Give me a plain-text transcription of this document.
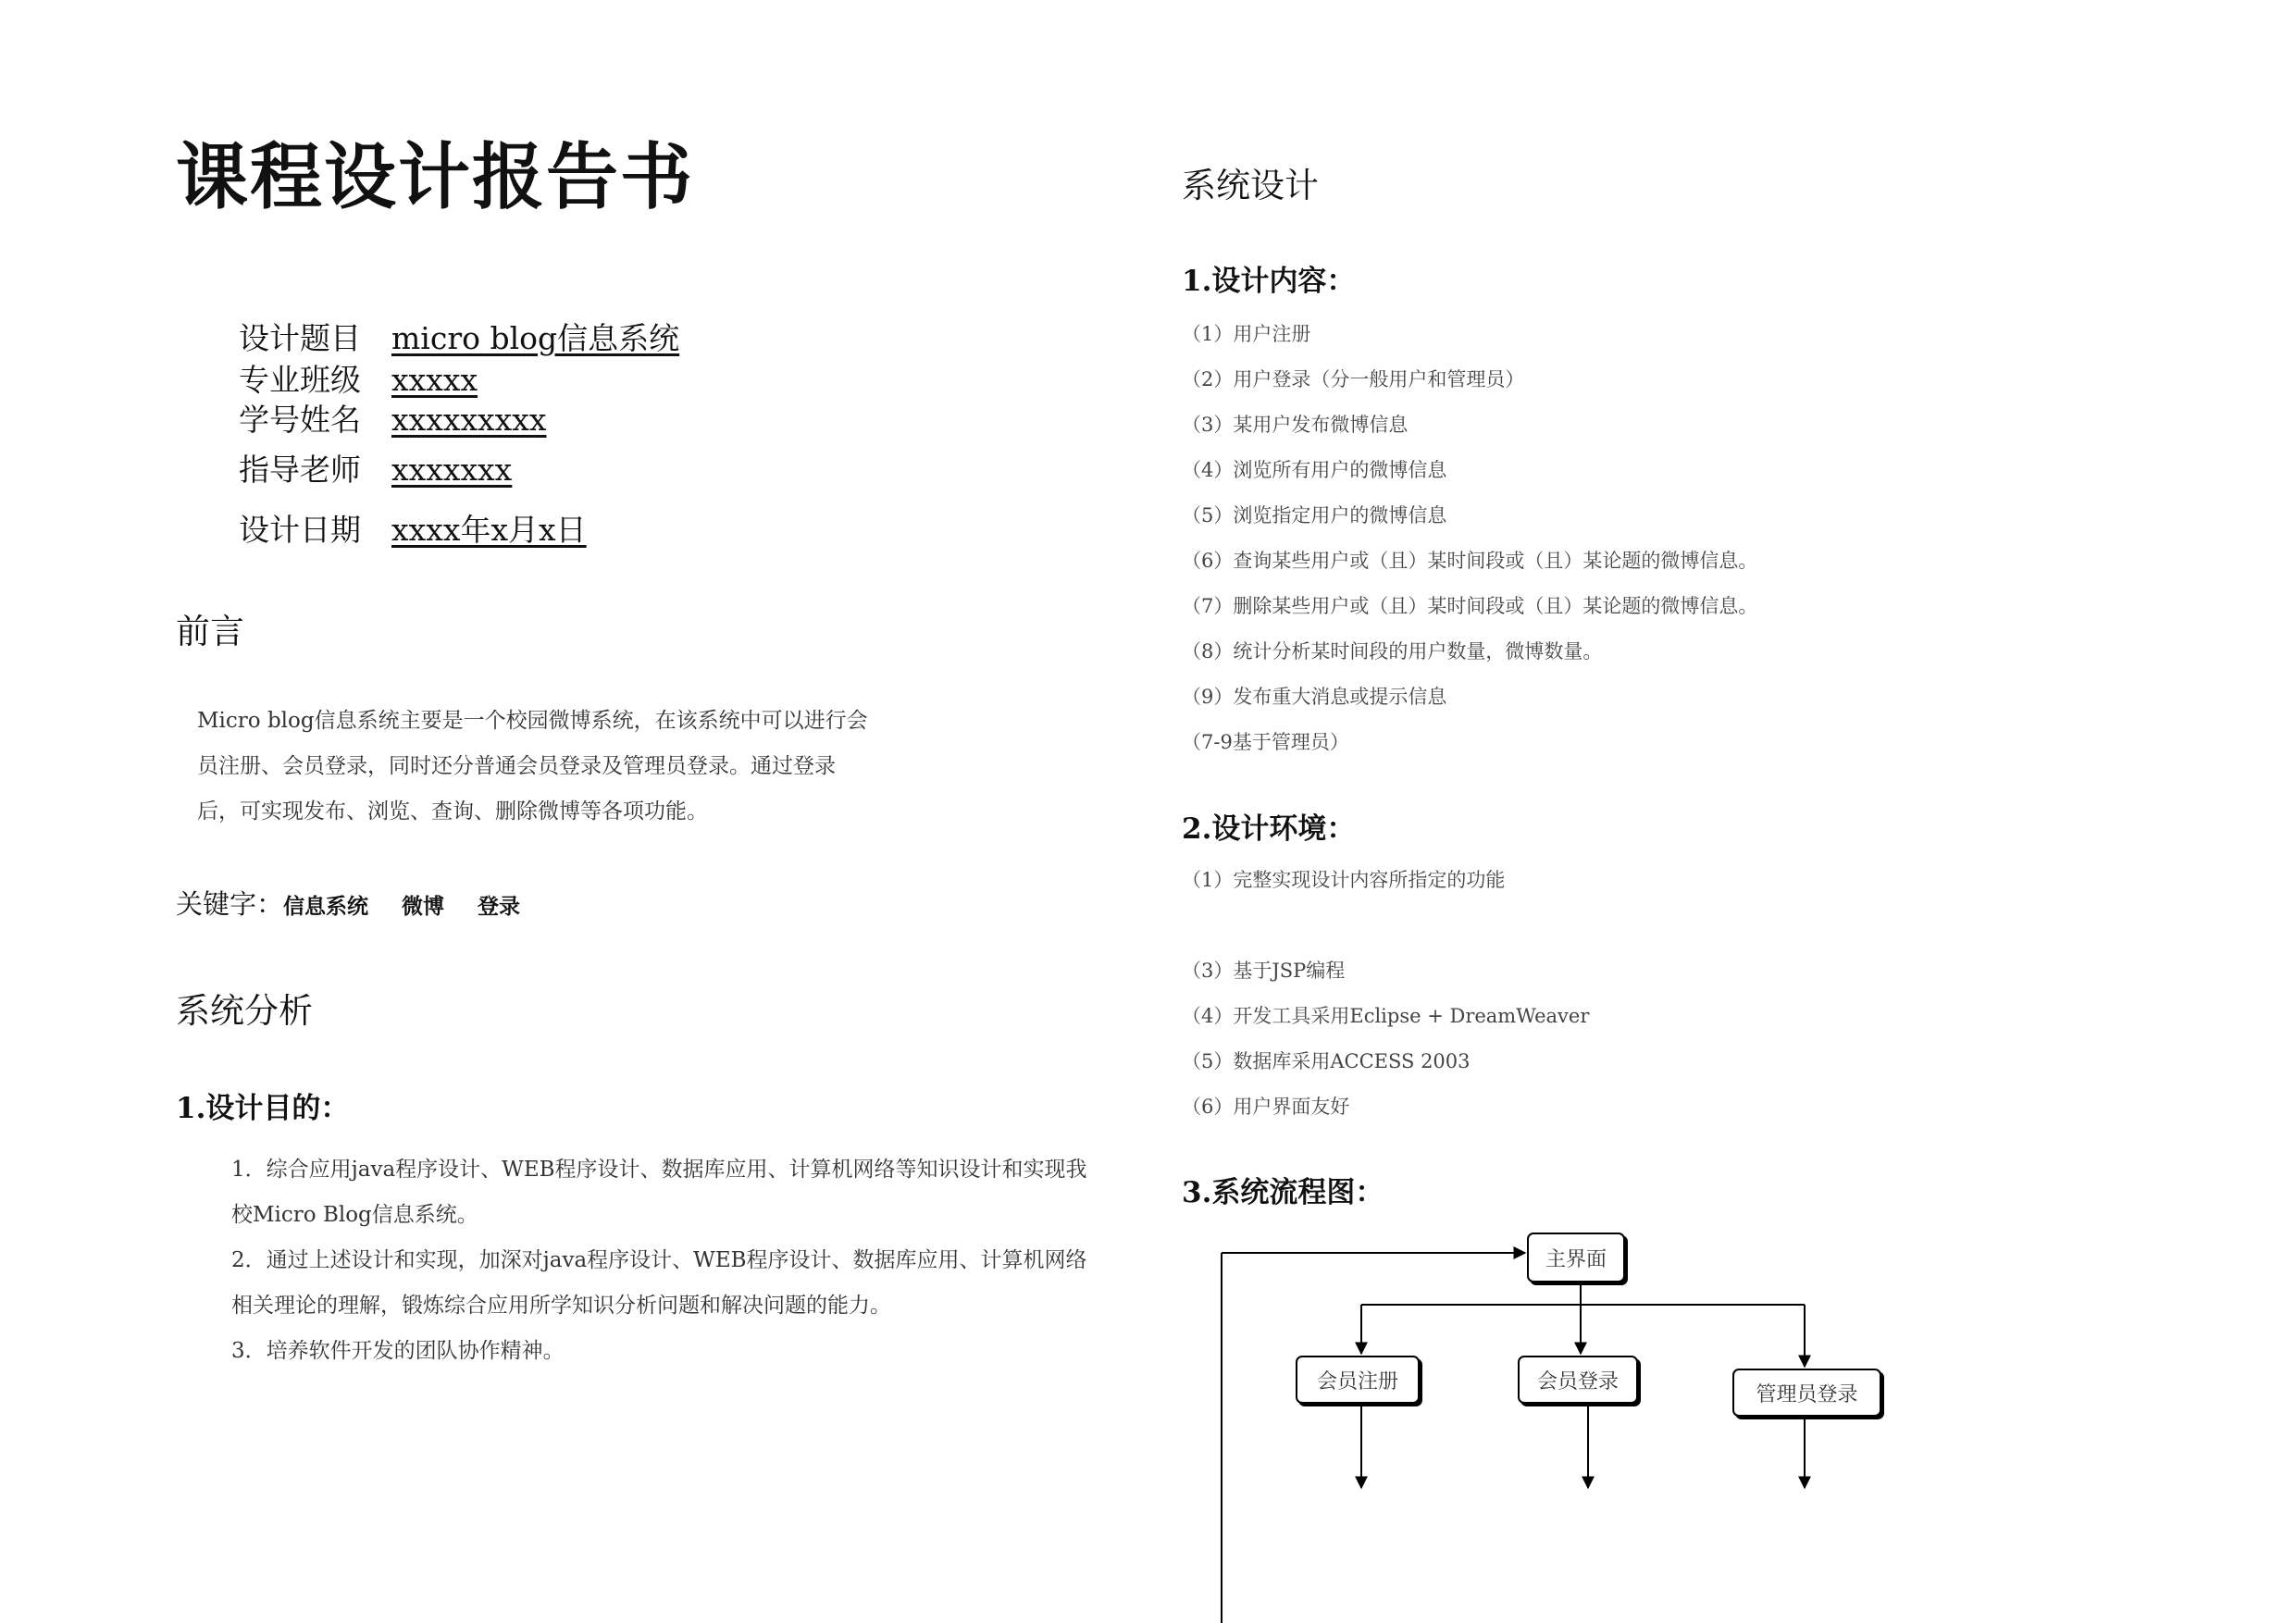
课程设计报告书
设计题目 micro blog信息系统
专业班级 xxxxx
学号姓名 xxxxxxxxx
指导老师 xxxxxxx
设计日期 xxxx年x月x日
前言

Micro blog信息系统主要是一个校园微博系统，在该系统中可以进行会员注册、会员登录，同时还分普通会员登录及管理员登录。通过登录后，可实现发布、浏览、查询、删除微博等各项功能。

关键字：信息系统 微博 登录
系统分析
1.设计目的：
1．综合应用java程序设计、WEB程序设计、数据库应用、计算机网络等知识设计和实现我校Micro Blog信息系统。
2．通过上述设计和实现，加深对java程序设计、WEB程序设计、数据库应用、计算机网络相关理论的理解，锻炼综合应用所学知识分析问题和解决问题的能力。
3．培养软件开发的团队协作精神。
系统设计
1.设计内容：
（1）用户注册
（2）用户登录（分一般用户和管理员）
（3）某用户发布微博信息
（4）浏览所有用户的微博信息
（5）浏览指定用户的微博信息
（6）查询某些用户或（且）某时间段或（且）某论题的微博信息。
（7）删除某些用户或（且）某时间段或（且）某论题的微博信息。
（8）统计分析某时间段的用户数量，微博数量。
（9）发布重大消息或提示信息
（7-9基于管理员）
2.设计环境：
（1）完整实现设计内容所指定的功能
（3）基于JSP编程
（4）开发工具采用Eclipse + DreamWeaver
（5）数据库采用ACCESS 2003
（6）用户界面友好
3.系统流程图：
主界面
会员注册	会员登录
管理员登录
